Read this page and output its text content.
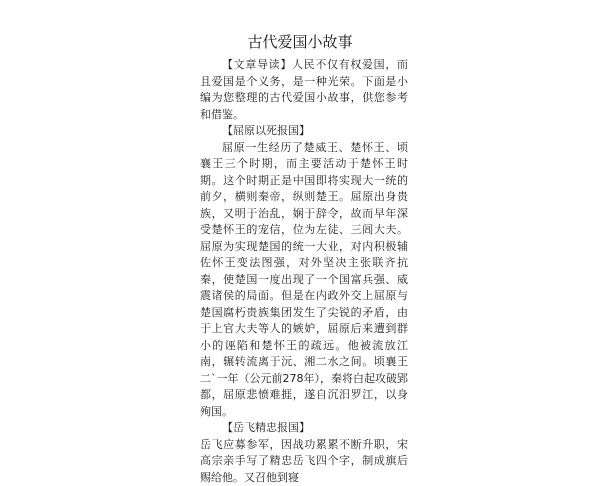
古代爱国小故事

【文章导读】人民不仅有权爱国，而且爱国是个义务，是一种光荣。下面是小编为您整理的古代爱国小故事，供您参考和借鉴。

【屈原以死报国】

屈原一生经历了楚威王、楚怀王、顷襄王三个时期，而主要活动于楚怀王时期。这个时期正是中国即将实现大一统的前夕，横则秦帝，纵则楚王。屈原出身贵族，又明于治乱，娴于辞令，故而早年深受楚怀王的宠信，位为左徒、三闾大夫。屈原为实现楚国的统一大业，对内积极辅佐怀王变法图强，对外坚决主张联齐抗秦，使楚国一度出现了一个国富兵强、威震诸侯的局面。但是在内政外交上屈原与楚国腐朽贵族集团发生了尖锐的矛盾，由于上官大夫等人的嫉妒，屈原后来遭到群小的诬陷和楚怀王的疏远。他被流放江南，辗转流离于沅、湘二水之间。顷襄王二`一年（公元前278年），秦将白起攻破郢都，屈原悲愤难捱，遂自沉汨罗江，以身殉国。

【岳飞精忠报国】

岳飞应募参军，因战功累累不断升职，宋高宗亲手写了精忠岳飞四个字，制成旗后赐给他。又召他到寝
